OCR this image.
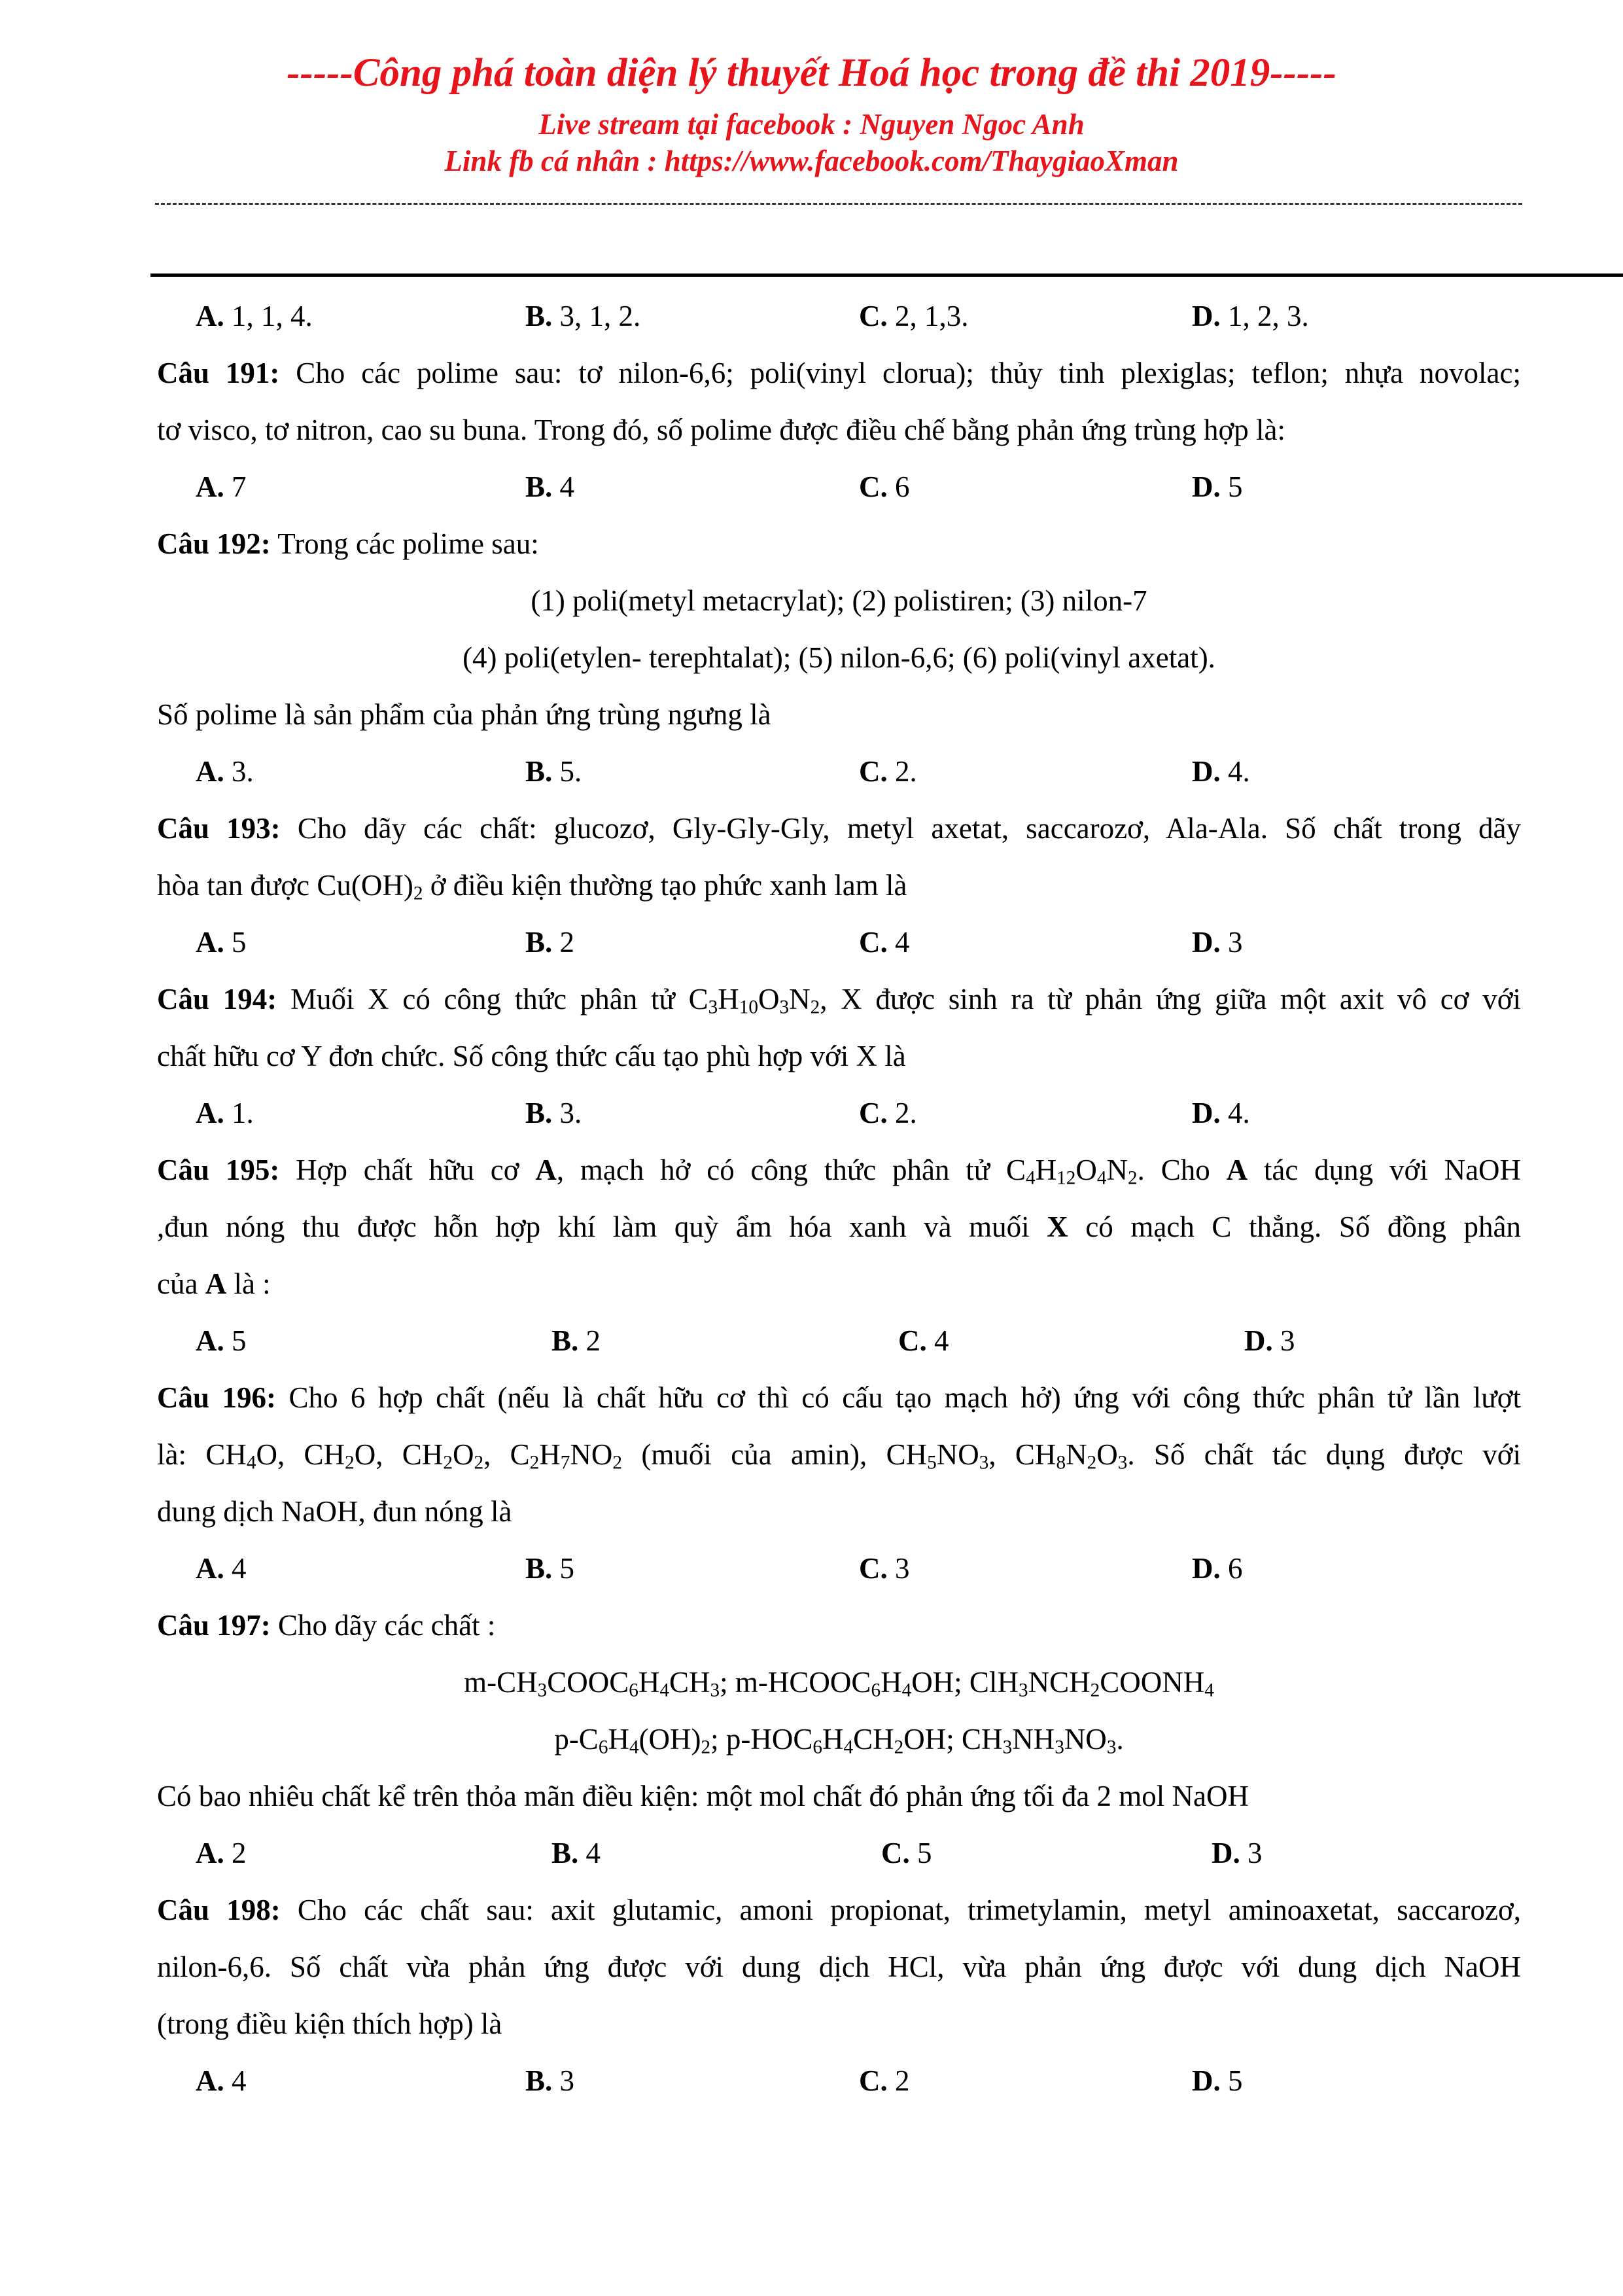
-----Công phá toàn diện lý thuyết Hoá học trong đề thi 2019-----
Live stream tại facebook : Nguyen Ngoc Anh
Link fb cá nhân : https://www.facebook.com/ThaygiaoXman
A. 1, 1, 4.	B. 3, 1, 2.	C. 2, 1,3.	D. 1, 2, 3.
Câu 191: Cho các polime sau: tơ nilon-6,6; poli(vinyl clorua); thủy tinh plexiglas; teflon; nhựa novolac;
tơ visco, tơ nitron, cao su buna. Trong đó, số polime được điều chế bằng phản ứng trùng hợp là:
A. 7	B. 4	C. 6	D. 5
Câu 192: Trong các polime sau:
(1) poli(metyl metacrylat); (2) polistiren; (3) nilon-7
(4) poli(etylen- terephtalat); (5) nilon-6,6; (6) poli(vinyl axetat).
Số polime là sản phẩm của phản ứng trùng ngưng là
A. 3.	B. 5.	C. 2.	D. 4.
Câu 193: Cho dãy các chất: glucozơ, Gly-Gly-Gly, metyl axetat, saccarozơ, Ala-Ala. Số chất trong dãy
hòa tan được $Cu(OH)_2$ ở điều kiện thường tạo phức xanh lam là
A. 5	B. 2	C. 4	D. 3
Câu 194: Muối X có công thức phân tử $C_3H_{10}O_3N_2$, X được sinh ra từ phản ứng giữa một axit vô cơ với
chất hữu cơ Y đơn chức. Số công thức cấu tạo phù hợp với X là
A. 1.	B. 3.	C. 2.	D. 4.
Câu 195: Hợp chất hữu cơ A, mạch hở có công thức phân tử $C_4H_{12}O_4N_2$. Cho A tác dụng với NaOH
,đun nóng thu được hỗn hợp khí làm quỳ ẩm hóa xanh và muối X có mạch C thẳng. Số đồng phân
của A là :
A. 5	B. 2	C. 4	D. 3
Câu 196: Cho 6 hợp chất (nếu là chất hữu cơ thì có cấu tạo mạch hở) ứng với công thức phân tử lần lượt
là: $CH_4O$, $CH_2O$, $CH_2O_2$, $C_2H_7NO_2$ (muối của amin), $CH_5NO_3$, $CH_8N_2O_3$. Số chất tác dụng được với
dung dịch NaOH, đun nóng là
A. 4	B. 5	C. 3	D. 6
Câu 197: Cho dãy các chất :
$m-CH_3COOC_6H_4CH_3$; $m-HCOOC_6H_4OH$; $ClH_3NCH_2COONH_4$
$p-C_6H_4(OH)_2$; $p-HOC_6H_4CH_2OH$; $CH_3NH_3NO_3$.
Có bao nhiêu chất kể trên thỏa mãn điều kiện: một mol chất đó phản ứng tối đa 2 mol NaOH
A. 2	B. 4	C. 5	D. 3
Câu 198: Cho các chất sau: axit glutamic, amoni propionat, trimetylamin, metyl aminoaxetat, saccarozơ,
nilon-6,6. Số chất vừa phản ứng được với dung dịch HCl, vừa phản ứng được với dung dịch NaOH
(trong điều kiện thích hợp) là
A. 4	B. 3	C. 2	D. 5
